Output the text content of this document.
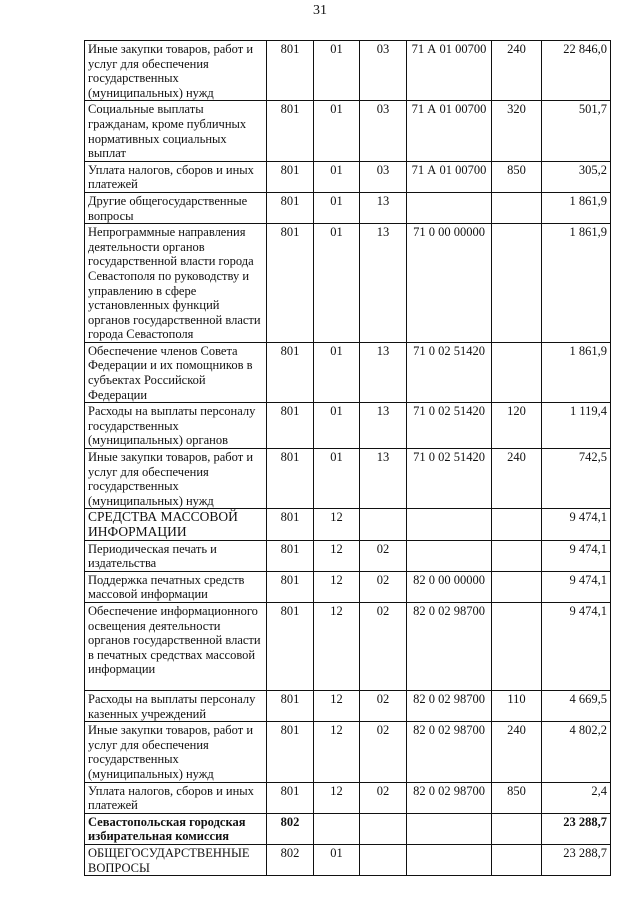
31
Иные закупки товаров, работ и услуг для обеспечения государственных (муниципальных) нужд	801	01	03	71 А 01 00700	240	22 846,0
Социальные выплаты гражданам, кроме публичных нормативных социальных выплат	801	01	03	71 А 01 00700	320	501,7
Уплата налогов, сборов и иных платежей	801	01	03	71 А 01 00700	850	305,2
Другие общегосударственные вопросы	801	01	13			1 861,9
Непрограммные направления деятельности органов государственной власти города Севастополя по руководству и управлению в сфере установленных функций органов государственной власти города Севастополя	801	01	13	71 0 00 00000		1 861,9
Обеспечение членов Совета Федерации и их помощников в субъектах Российской Федерации	801	01	13	71 0 02 51420		1 861,9
Расходы на выплаты персоналу государственных (муниципальных) органов	801	01	13	71 0 02 51420	120	1 119,4
Иные закупки товаров, работ и услуг для обеспечения государственных (муниципальных) нужд	801	01	13	71 0 02 51420	240	742,5
СРЕДСТВА МАССОВОЙ ИНФОРМАЦИИ	801	12				9 474,1
Периодическая печать и издательства	801	12	02			9 474,1
Поддержка печатных средств массовой информации	801	12	02	82 0 00 00000		9 474,1
Обеспечение информационного освещения деятельности органов государственной власти в печатных средствах массовой информации	801	12	02	82 0 02 98700		9 474,1
Расходы на выплаты персоналу казенных учреждений	801	12	02	82 0 02 98700	110	4 669,5
Иные закупки товаров, работ и услуг для обеспечения государственных (муниципальных) нужд	801	12	02	82 0 02 98700	240	4 802,2
Уплата налогов, сборов и иных платежей	801	12	02	82 0 02 98700	850	2,4
Севастопольская городская избирательная комиссия	802					23 288,7
ОБЩЕГОСУДАРСТВЕННЫЕ ВОПРОСЫ	802	01				23 288,7
